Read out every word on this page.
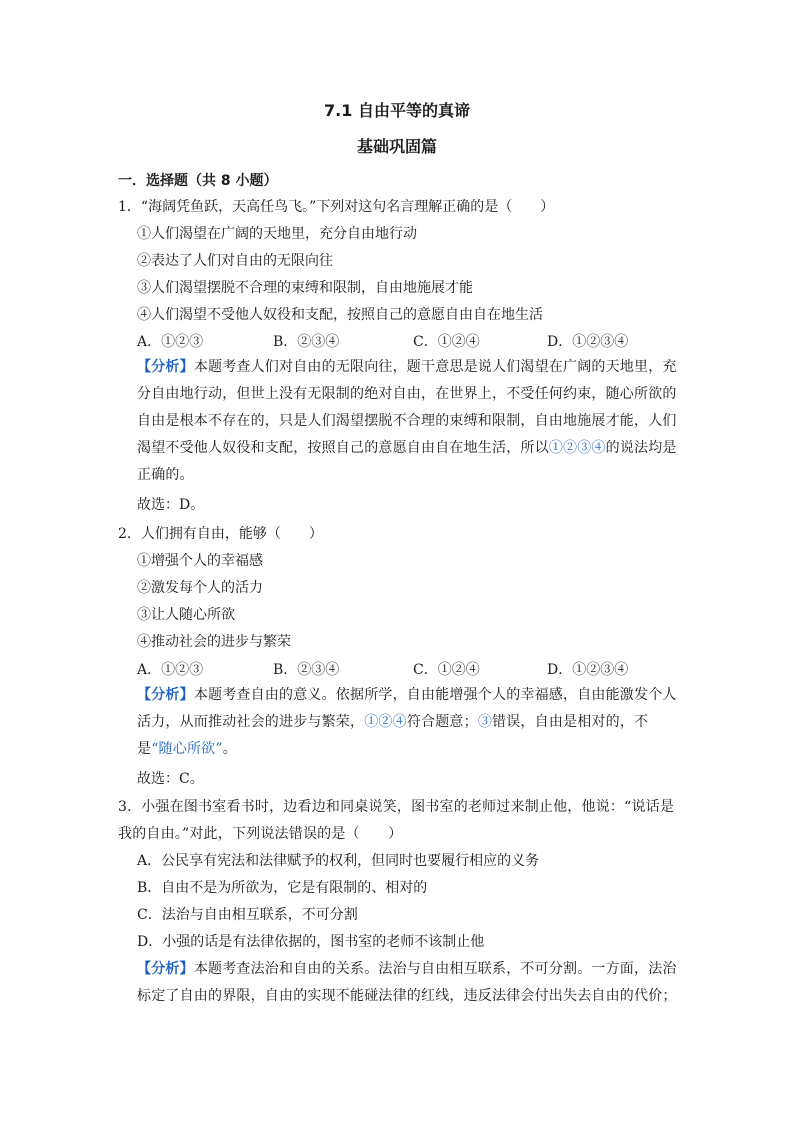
7.1 自由平等的真谛
基础巩固篇
一．选择题（共 8 小题）
1．“海阔凭鱼跃，天高任鸟飞。”下列对这句名言理解正确的是（　　）
①人们渴望在广阔的天地里，充分自由地行动
②表达了人们对自由的无限向往
③人们渴望摆脱不合理的束缚和限制，自由地施展才能
④人们渴望不受他人奴役和支配，按照自己的意愿自由自在地生活
A．①②③	B．②③④	C．①②④	D．①②③④
【分析】本题考查人们对自由的无限向往，题干意思是说人们渴望在广阔的天地里，充分自由地行动，但世上没有无限制的绝对自由，在世界上，不受任何约束，随心所欲的自由是根本不存在的，只是人们渴望摆脱不合理的束缚和限制，自由地施展才能，人们渴望不受他人奴役和支配，按照自己的意愿自由自在地生活，所以①②③④的说法均是正确的。
故选：D。
2．人们拥有自由，能够（　　）
①增强个人的幸福感
②激发每个人的活力
③让人随心所欲
④推动社会的进步与繁荣
A．①②③	B．②③④	C．①②④	D．①②③④
【分析】本题考查自由的意义。依据所学，自由能增强个人的幸福感，自由能激发个人活力，从而推动社会的进步与繁荣，①②④符合题意；③错误，自由是相对的，不是“随心所欲”。
故选：C。
3．小强在图书室看书时，边看边和同桌说笑，图书室的老师过来制止他，他说：“说话是我的自由。”对此，下列说法错误的是（　　）
A．公民享有宪法和法律赋予的权利，但同时也要履行相应的义务
B．自由不是为所欲为，它是有限制的、相对的
C．法治与自由相互联系，不可分割
D．小强的话是有法律依据的，图书室的老师不该制止他
【分析】本题考查法治和自由的关系。法治与自由相互联系，不可分割。一方面，法治标定了自由的界限，自由的实现不能碰法律的红线，违反法律会付出失去自由的代价；
